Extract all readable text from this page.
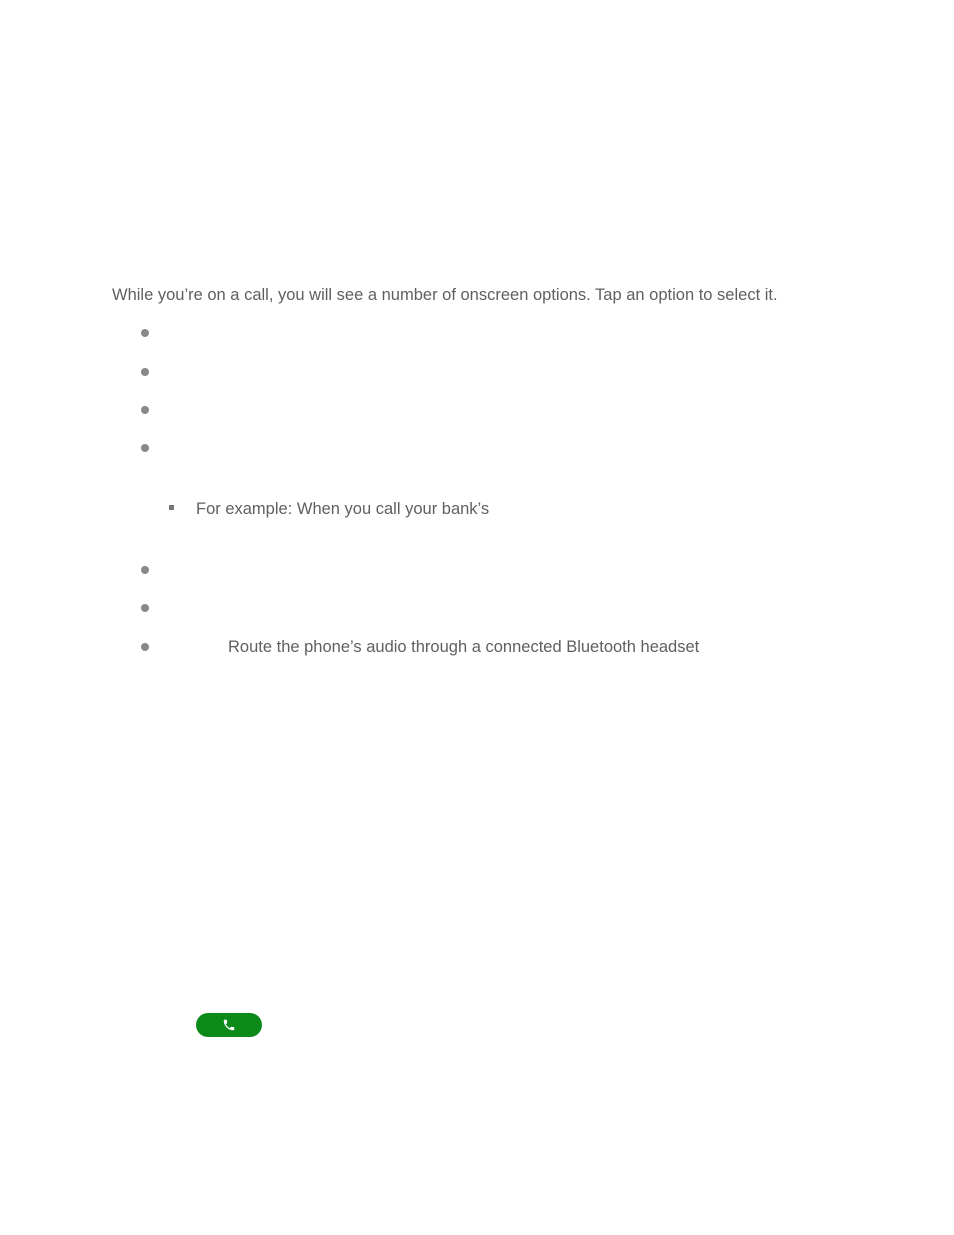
While you’re on a call, you will see a number of onscreen options. Tap an option to select it.

For example: When you call your bank’s
Route the phone’s audio through a connected Bluetooth headset
